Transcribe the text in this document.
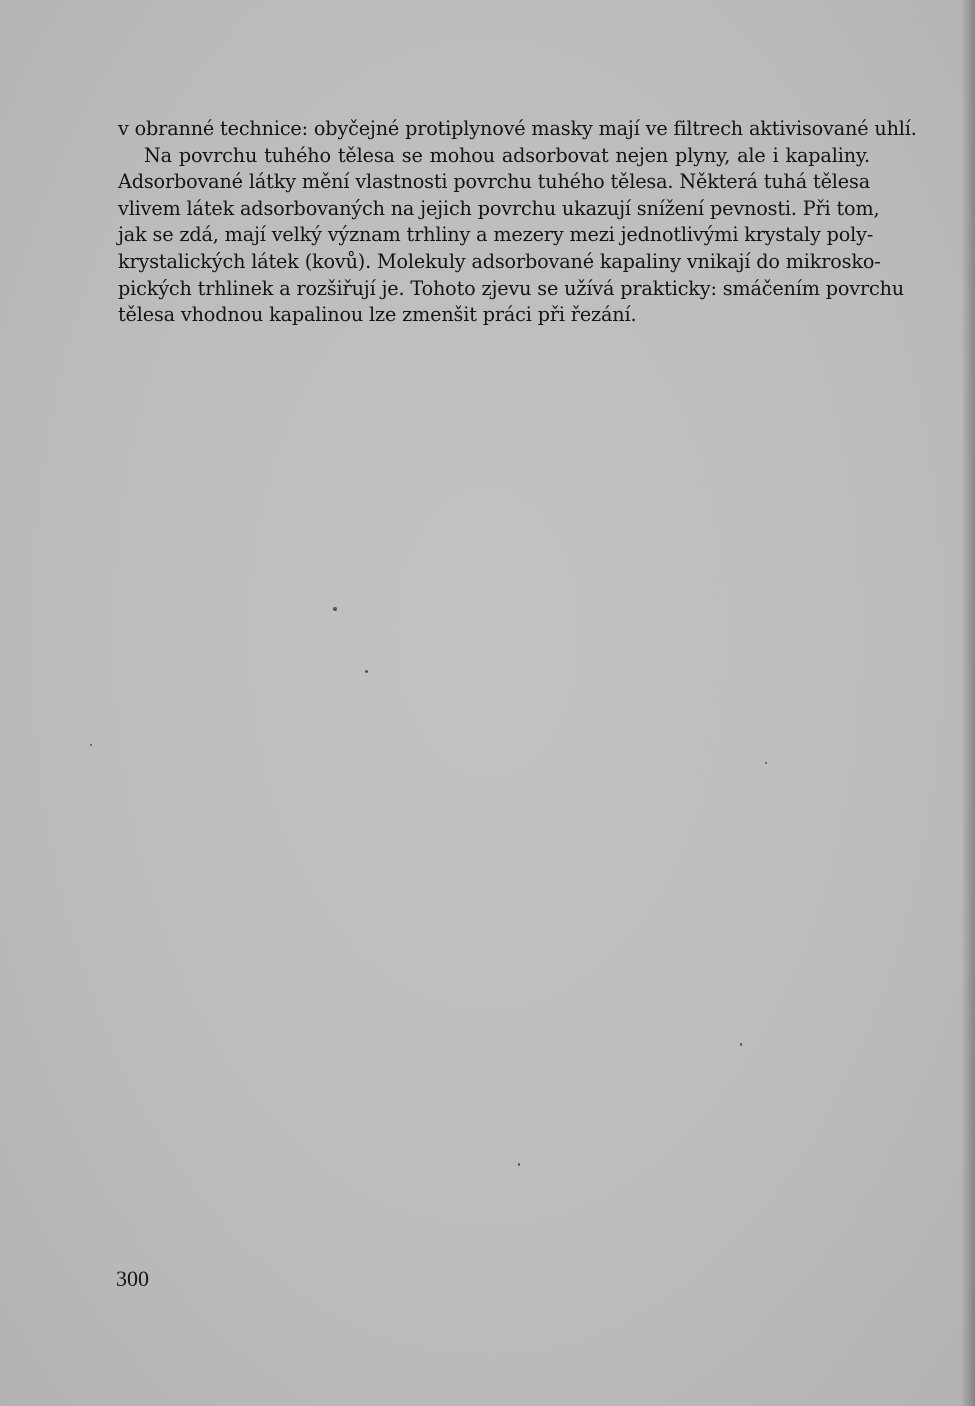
v obranné technice: obyčejné protiplynové masky mají ve filtrech aktivisované uhlí.
Na povrchu tuhého tělesa se mohou adsorbovat nejen plyny, ale i kapaliny.
Adsorbované látky mění vlastnosti povrchu tuhého tělesa. Některá tuhá tělesa
vlivem látek adsorbovaných na jejich povrchu ukazují snížení pevnosti. Při tom,
jak se zdá, mají velký význam trhliny a mezery mezi jednotlivými krystaly poly-
krystalických látek (kovů). Molekuly adsorbované kapaliny vnikají do mikrosko-
pických trhlinek a rozšiřují je. Tohoto zjevu se užívá prakticky: smáčením povrchu
tělesa vhodnou kapalinou lze zmenšit práci při řezání.
300
